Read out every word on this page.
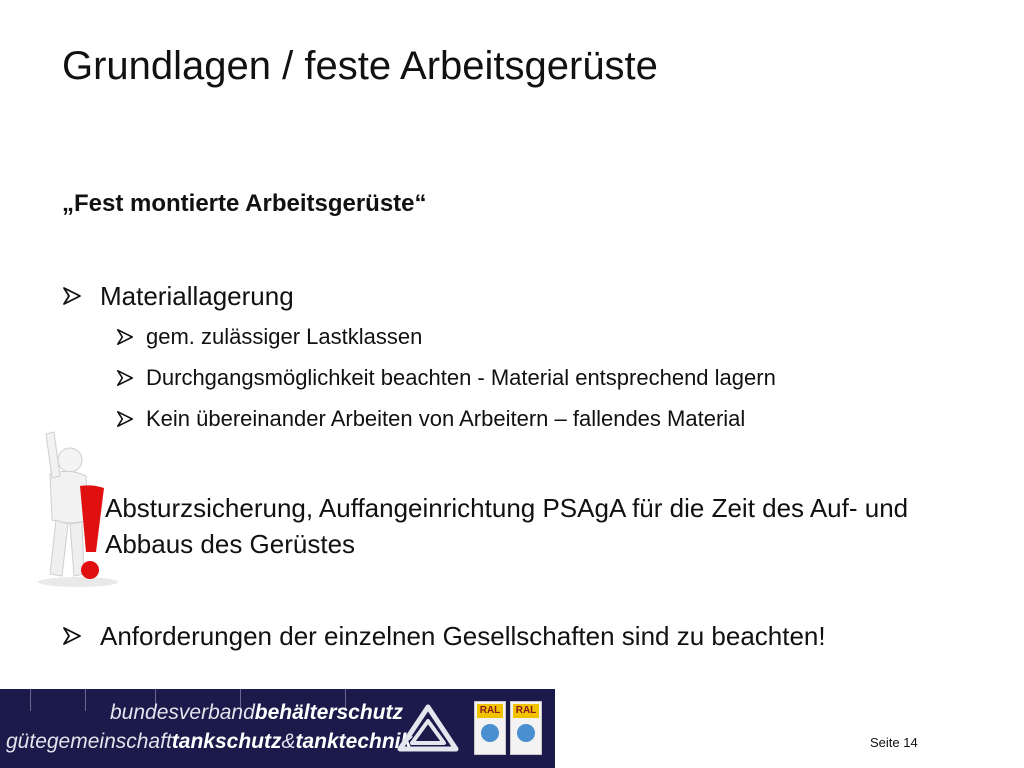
Grundlagen / feste Arbeitsgerüste
„Fest montierte Arbeitsgerüste“
Materiallagerung
gem. zulässiger Lastklassen
Durchgangsmöglichkeit beachten - Material entsprechend lagern
Kein übereinander Arbeiten von Arbeitern – fallendes Material
Absturzsicherung, Auffangeinrichtung PSAgA für die Zeit des Auf- und Abbaus des Gerüstes
Anforderungen der einzelnen Gesellschaften sind zu beachten!
bundesverbandbehälterschutz
gütegemeinschafttankschutz&tanktechnik
RAL RAL
Seite 14
